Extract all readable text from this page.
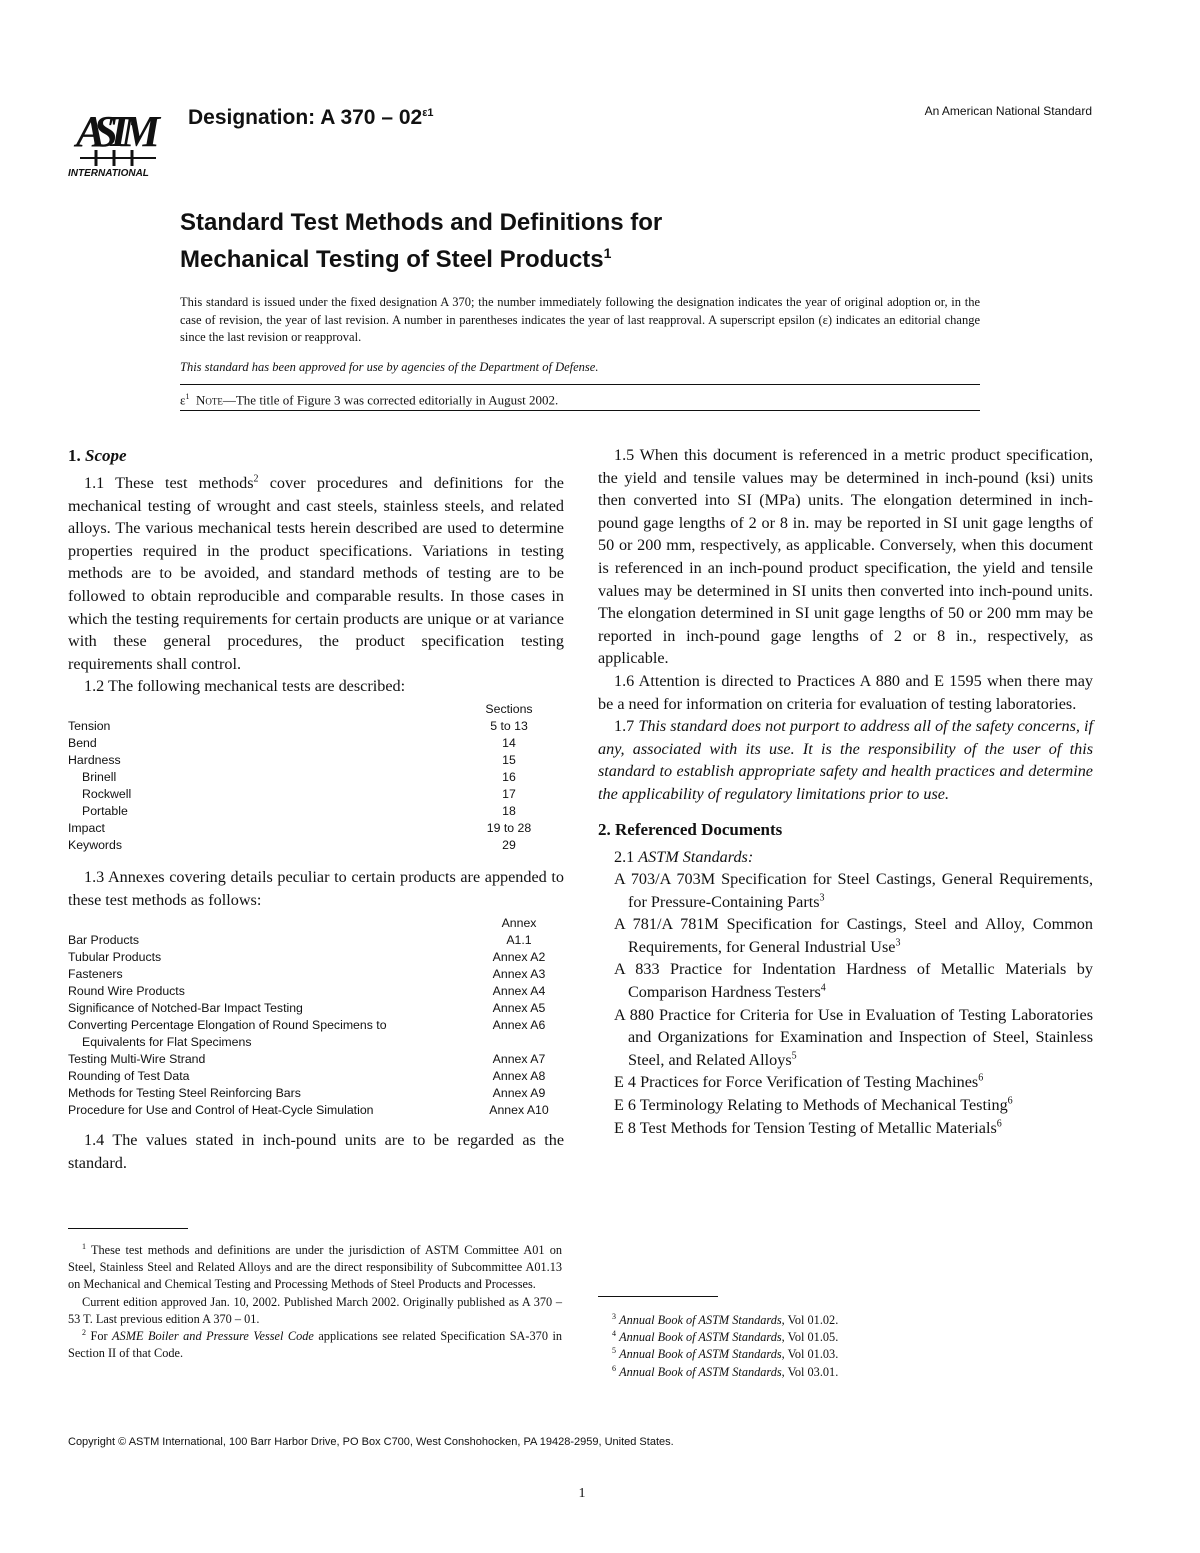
ASTM
INTERNATIONAL
Designation: A $370 - 02^{\varepsilon 1}$	An American National Standard
Standard Test Methods and Definitions for
Mechanical Testing of Steel Products$^1$
This standard is issued under the fixed designation A 370; the number immediately following the designation indicates the year of original adoption or, in the case of revision, the year of last revision. A number in parentheses indicates the year of last reapproval. A superscript epsilon (ε) indicates an editorial change since the last revision or reapproval.
This standard has been approved for use by agencies of the Department of Defense.
$\varepsilon^1$ Note—The title of Figure 3 was corrected editorially in August 2002.
1. Scope

1.1 These test methods$^2$ cover procedures and definitions for the mechanical testing of wrought and cast steels, stainless steels, and related alloys. The various mechanical tests herein described are used to determine properties required in the product specifications. Variations in testing methods are to be avoided, and standard methods of testing are to be followed to obtain reproducible and comparable results. In those cases in which the testing requirements for certain products are unique or at variance with these general procedures, the product specification testing requirements shall control.

1.2 The following mechanical tests are described:

Sections
Tension	5 to 13
Bend	14
Hardness	15
Brinell	16
Rockwell	17
Portable	18
Impact	19 to 28
Keywords	29

1.3 Annexes covering details peculiar to certain products are appended to these test methods as follows:

Annex
Bar Products	A1.1
Tubular Products	Annex A2
Fasteners	Annex A3
Round Wire Products	Annex A4
Significance of Notched-Bar Impact Testing	Annex A5
Converting Percentage Elongation of Round Specimens to	Annex A6
Equivalents for Flat Specimens
Testing Multi-Wire Strand	Annex A7
Rounding of Test Data	Annex A8
Methods for Testing Steel Reinforcing Bars	Annex A9
Procedure for Use and Control of Heat-Cycle Simulation	Annex A10

1.4 The values stated in inch-pound units are to be regarded as the standard.

1.5 When this document is referenced in a metric product specification, the yield and tensile values may be determined in inch-pound (ksi) units then converted into SI (MPa) units. The elongation determined in inch-pound gage lengths of 2 or 8 in. may be reported in SI unit gage lengths of 50 or 200 mm, respectively, as applicable. Conversely, when this document is referenced in an inch-pound product specification, the yield and tensile values may be determined in SI units then converted into inch-pound units. The elongation determined in SI unit gage lengths of 50 or 200 mm may be reported in inch-pound gage lengths of 2 or 8 in., respectively, as applicable.

1.6 Attention is directed to Practices A 880 and E 1595 when there may be a need for information on criteria for evaluation of testing laboratories.

1.7 This standard does not purport to address all of the safety concerns, if any, associated with its use. It is the responsibility of the user of this standard to establish appropriate safety and health practices and determine the applicability of regulatory limitations prior to use.

2. Referenced Documents

2.1 ASTM Standards:

A 703/A 703M Specification for Steel Castings, General Requirements, for Pressure-Containing Parts$^3$

A 781/A 781M Specification for Castings, Steel and Alloy, Common Requirements, for General Industrial Use$^3$

A 833 Practice for Indentation Hardness of Metallic Materials by Comparison Hardness Testers$^4$

A 880 Practice for Criteria for Use in Evaluation of Testing Laboratories and Organizations for Examination and Inspection of Steel, Stainless Steel, and Related Alloys$^5$

E 4 Practices for Force Verification of Testing Machines$^6$

E 6 Terminology Relating to Methods of Mechanical Testing$^6$

E 8 Test Methods for Tension Testing of Metallic Materials$^6$

$^1$ These test methods and definitions are under the jurisdiction of ASTM Committee A01 on Steel, Stainless Steel and Related Alloys and are the direct responsibility of Subcommittee A01.13 on Mechanical and Chemical Testing and Processing Methods of Steel Products and Processes.

Current edition approved Jan. 10, 2002. Published March 2002. Originally published as A 370 – 53 T. Last previous edition A 370 – 01.

$^2$ For ASME Boiler and Pressure Vessel Code applications see related Specification SA-370 in Section II of that Code.

$^3$ Annual Book of ASTM Standards, Vol 01.02.

$^4$ Annual Book of ASTM Standards, Vol 01.05.

$^5$ Annual Book of ASTM Standards, Vol 01.03.

$^6$ Annual Book of ASTM Standards, Vol 03.01.

Copyright © ASTM International, 100 Barr Harbor Drive, PO Box C700, West Conshohocken, PA 19428-2959, United States.
1
